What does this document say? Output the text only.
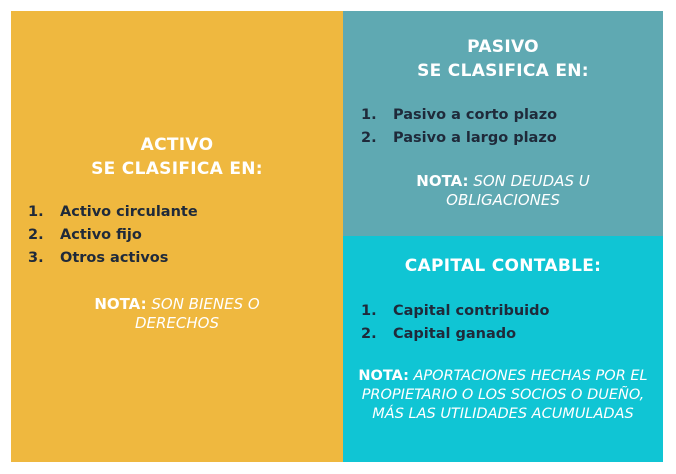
ACTIVO
SE CLASIFICA EN:
1.	Activo circulante
2.	Activo fijo
3.	Otros activos
NOTA: SON BIENES O DERECHOS
PASIVO
SE CLASIFICA EN:
1.	Pasivo a corto plazo
2.	Pasivo a largo plazo
NOTA: SON DEUDAS U OBLIGACIONES
CAPITAL CONTABLE:
1.	Capital contribuido
2.	Capital ganado
NOTA: APORTACIONES HECHAS POR EL PROPIETARIO O LOS SOCIOS O DUEÑO, MÁS LAS UTILIDADES ACUMULADAS
